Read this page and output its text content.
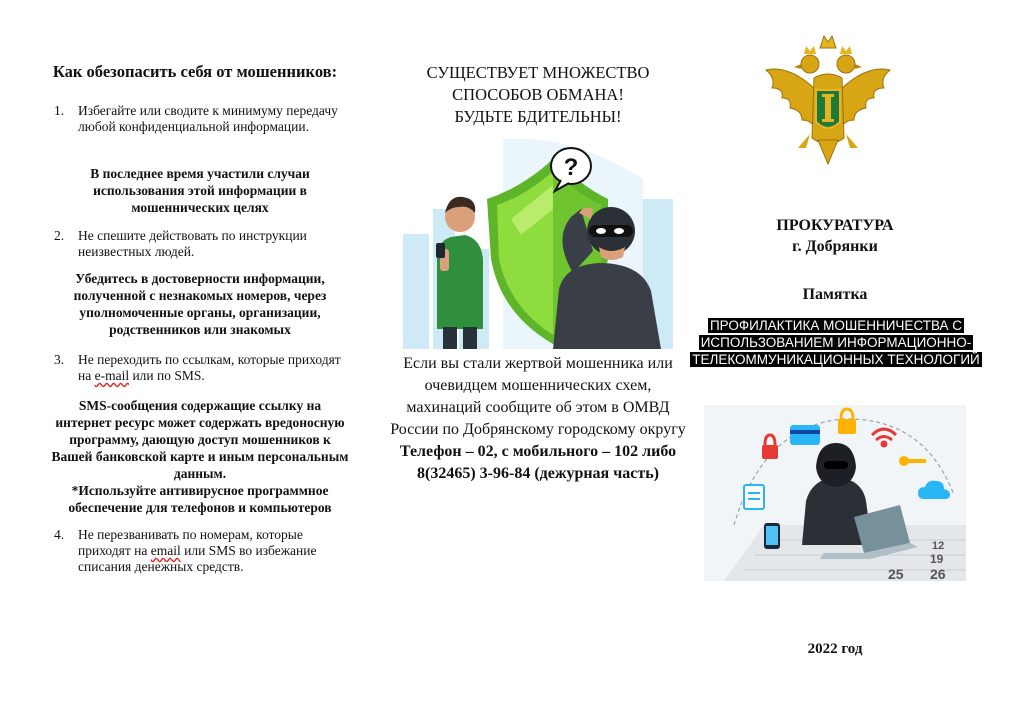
Как обезопасить себя от мошенников:
1. Избегайте или сводите к минимуму передачу любой конфиденциальной информации.
В последнее время участили случаи использования этой информации в мошеннических целях
2. Не спешите действовать по инструкции неизвестных людей.
Убедитесь в достоверности информации, полученной с незнакомых номеров, через уполномоченные органы, организации, родственников или знакомых
3. Не переходить по ссылкам, которые приходят на e-mail или по SMS.
SMS-сообщения содержащие ссылку на интернет ресурс может содержать вредоносную программу, дающую доступ мошенников к Вашей банковской карте и иным персональным данным.
*Используйте антивирусное программное обеспечение для телефонов и компьютеров
4. Не перезванивать по номерам, которые приходят на email или SMS во избежание списания денежных средств.
СУЩЕСТВУЕТ МНОЖЕСТВО
СПОСОБОВ ОБМАНА!
БУДЬТЕ БДИТЕЛЬНЫ!
?
Если вы стали жертвой мошенника или очевидцем мошеннических схем, махинаций сообщите об этом в ОМВД России по Добрянскому городскому округу
Телефон – 02, с мобильного – 102 либо 8(32465) 3-96-84 (дежурная часть)
ПРОКУРАТУРА
г. Добрянки
Памятка
ПРОФИЛАКТИКА МОШЕННИЧЕСТВА С ИСПОЛЬЗОВАНИЕМ ИНФОРМАЦИОННО-ТЕЛЕКОММУНИКАЦИОННЫХ ТЕХНОЛОГИЙ
25 26
19
12
2022 год
